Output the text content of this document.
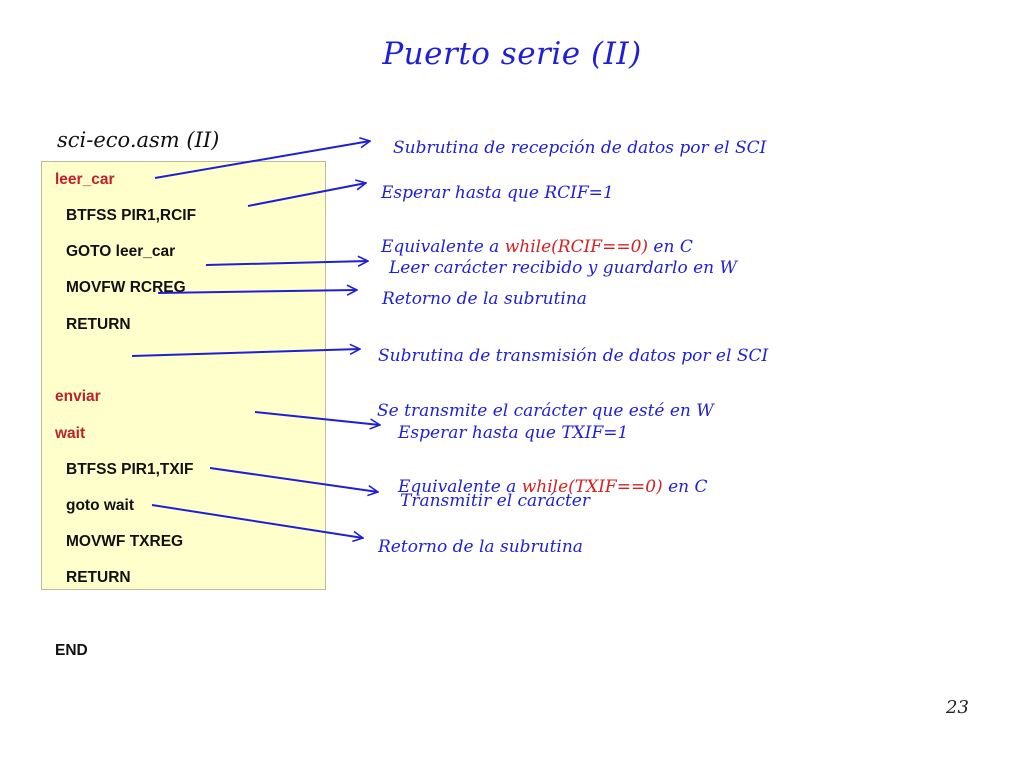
Puerto serie (II)
sci-eco.asm (II)
leer_car
BTFSS PIR1,RCIF
GOTO leer_car
MOVFW RCREG
RETURN
enviar
wait
BTFSS PIR1,TXIF
goto wait
MOVWF TXREG
RETURN
END
Subrutina de recepción de datos por el SCI
Esperar hasta que RCIF=1
Equivalente a while(RCIF==0) en C
Leer carácter recibido y guardarlo en W
Retorno de la subrutina
Subrutina de transmisión de datos por el SCI
Se transmite el carácter que esté en W
Esperar hasta que TXIF=1
Transmitir el carácter
Equivalente a while(TXIF==0) en C
Retorno de la subrutina
23
